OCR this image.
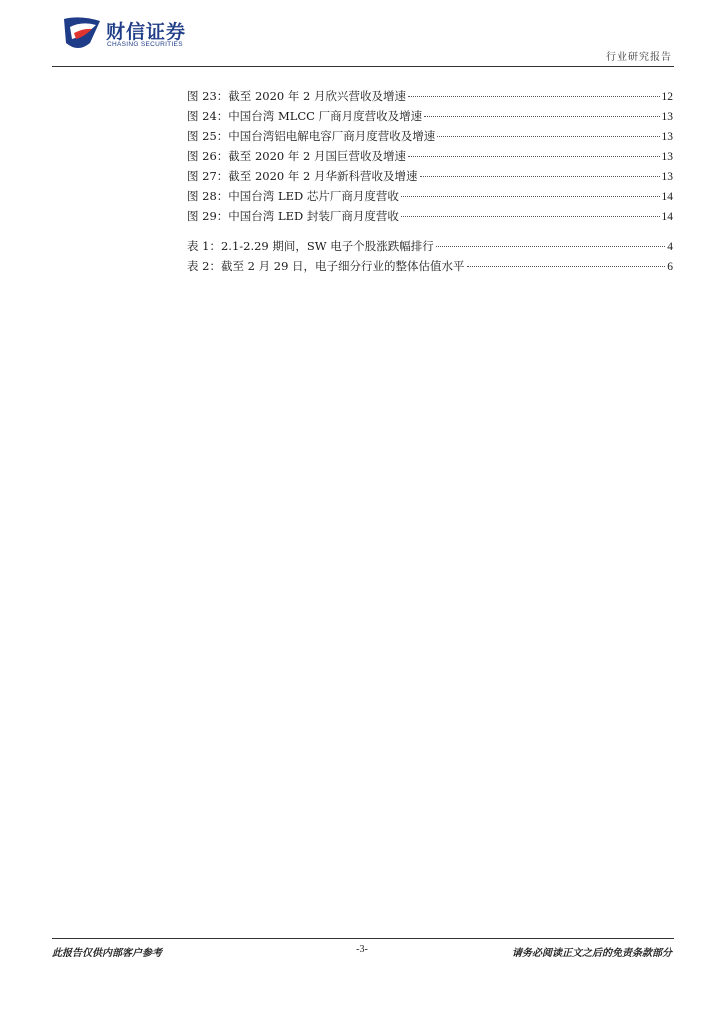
财信证券
CHASING SECURITIES
行业研究报告
图 23：截至 2020 年 2 月欣兴营收及增速	12
图 24：中国台湾 MLCC 厂商月度营收及增速	13
图 25：中国台湾铝电解电容厂商月度营收及增速	13
图 26：截至 2020 年 2 月国巨营收及增速	13
图 27：截至 2020 年 2 月华新科营收及增速	13
图 28：中国台湾 LED 芯片厂商月度营收	14
图 29：中国台湾 LED 封装厂商月度营收	14
表 1：2.1-2.29 期间，SW 电子个股涨跌幅排行	4
表 2：截至 2 月 29 日，电子细分行业的整体估值水平	6
此报告仅供内部客户参考	-3-	请务必阅读正文之后的免责条款部分
